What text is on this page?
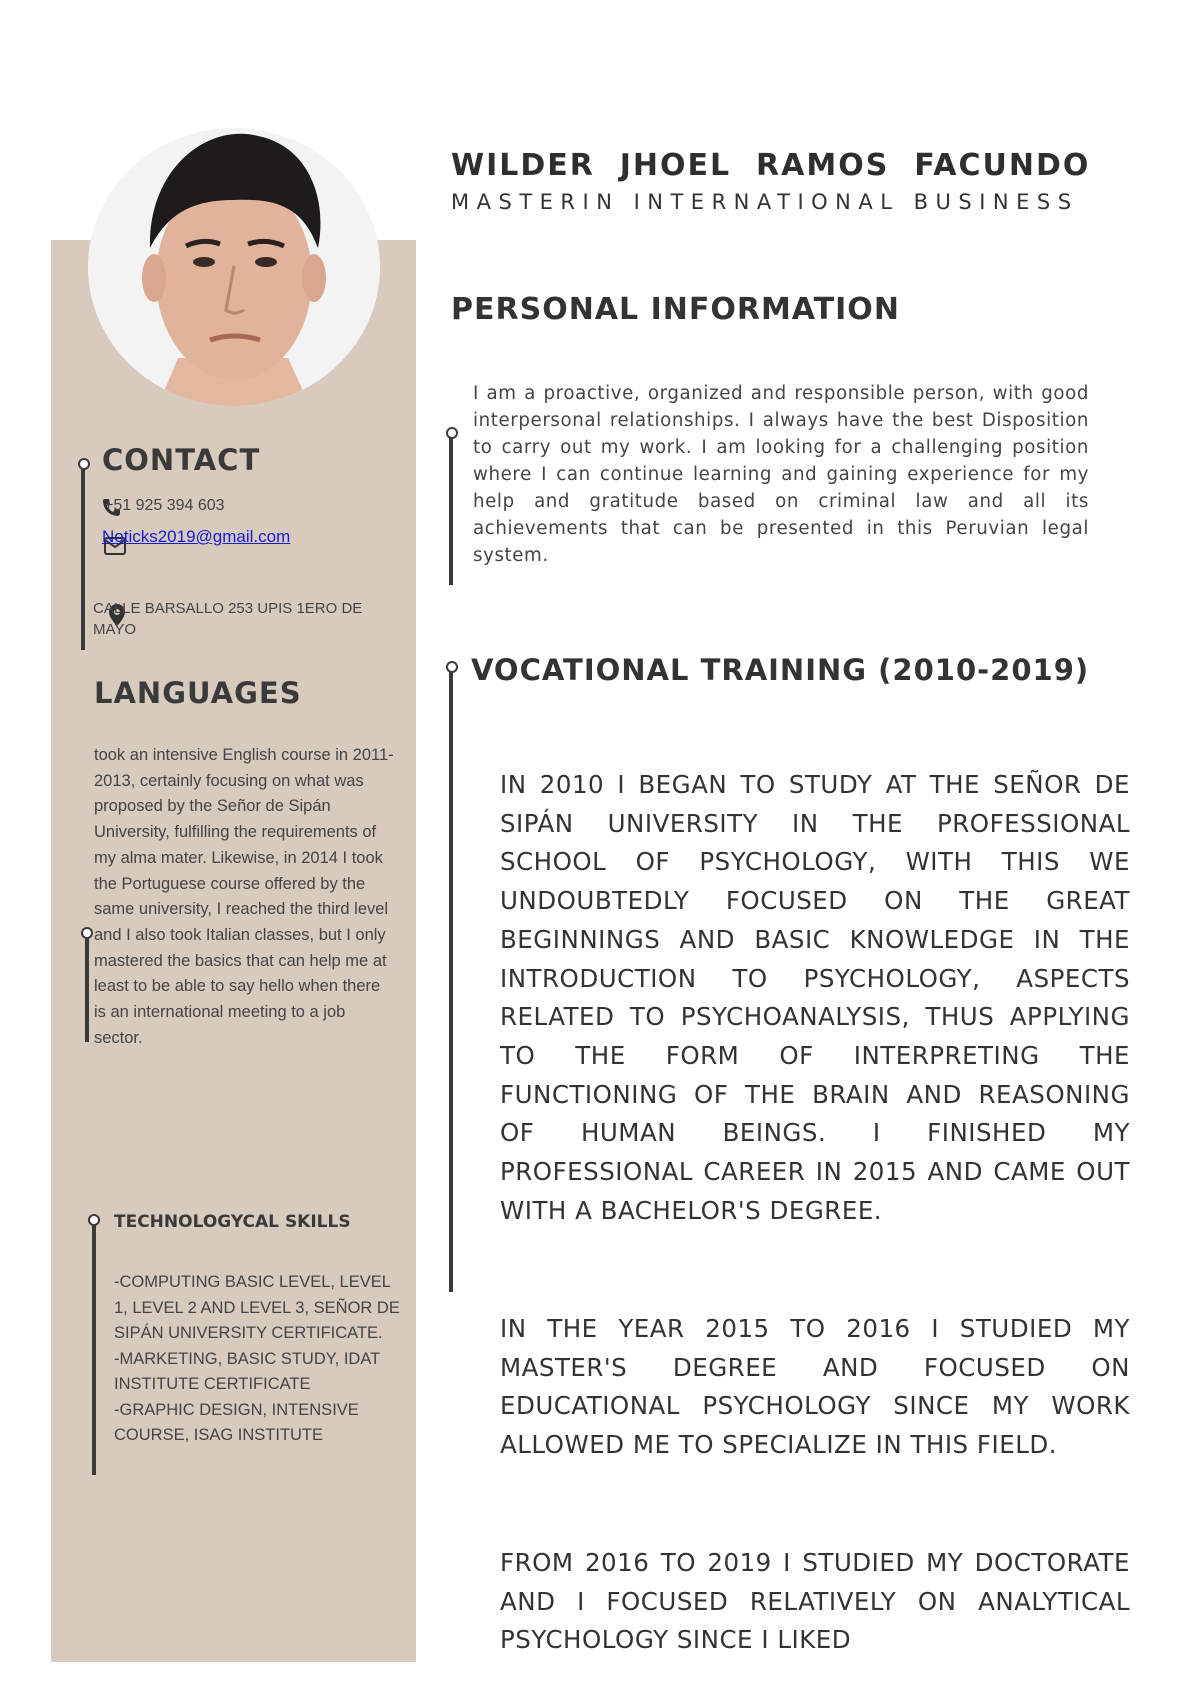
CONTACT
+51 925 394 603
Noticks2019@gmail.com
CALLE BARSALLO 253 UPIS 1ERO DE MAYO
LANGUAGES
took an intensive English course in 2011-2013, certainly focusing on what was proposed by the Señor de Sipán University, fulfilling the requirements of my alma mater. Likewise, in 2014 I took the Portuguese course offered by the same university, I reached the third level and I also took Italian classes, but I only mastered the basics that can help me at least to be able to say hello when there is an international meeting to a job sector.
TECHNOLOGYCAL SKILLS
-COMPUTING BASIC LEVEL, LEVEL 1, LEVEL 2 AND LEVEL 3, SEÑOR DE SIPÁN UNIVERSITY CERTIFICATE.
-MARKETING, BASIC STUDY, IDAT INSTITUTE CERTIFICATE
-GRAPHIC DESIGN, INTENSIVE COURSE, ISAG INSTITUTE
WILDER  JHOEL  RAMOS  FACUNDO
MASTERIN INTERNATIONAL BUSINESS
PERSONAL INFORMATION
I am a proactive, organized and responsible person, with good interpersonal relationships. I always have the best Disposition to carry out my work. I am looking for a challenging position where I can continue learning and gaining experience for my help and gratitude based on criminal law and all its achievements that can be presented in this Peruvian legal system.
VOCATIONAL TRAINING (2010-2019)
IN 2010 I BEGAN TO STUDY AT THE SEÑOR DE SIPÁN UNIVERSITY IN THE PROFESSIONAL SCHOOL OF PSYCHOLOGY, WITH THIS WE UNDOUBTEDLY FOCUSED ON THE GREAT BEGINNINGS AND BASIC KNOWLEDGE IN THE INTRODUCTION TO PSYCHOLOGY, ASPECTS RELATED TO PSYCHOANALYSIS, THUS APPLYING TO THE FORM OF INTERPRETING THE FUNCTIONING OF THE BRAIN AND REASONING OF HUMAN BEINGS. I FINISHED MY PROFESSIONAL CAREER IN 2015 AND CAME OUT WITH A BACHELOR'S DEGREE.
IN THE YEAR 2015 TO 2016 I STUDIED MY MASTER'S DEGREE AND FOCUSED ON EDUCATIONAL PSYCHOLOGY SINCE MY WORK ALLOWED ME TO SPECIALIZE IN THIS FIELD.
FROM 2016 TO 2019 I STUDIED MY DOCTORATE AND I FOCUSED RELATIVELY ON ANALYTICAL PSYCHOLOGY SINCE I LIKED
